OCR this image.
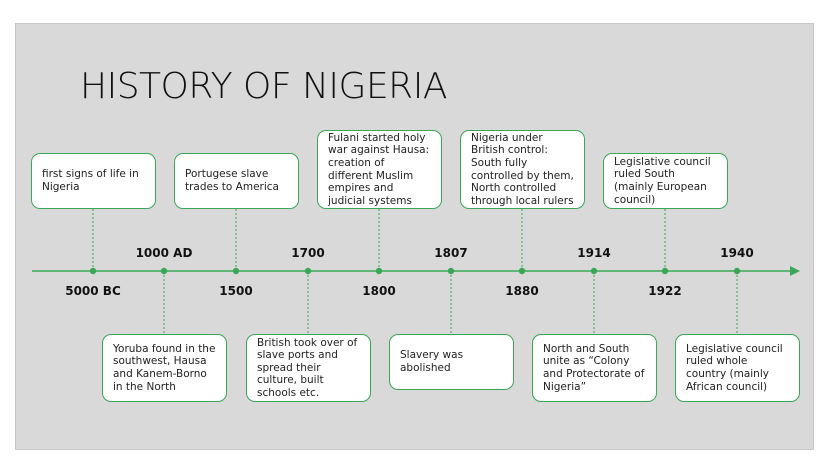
HISTORY OF NIGERIA
5000 BC
1000 AD
1500
1700
1800
1807
1880
1914
1922
1940
first signs of life in Nigeria
Portugese slave trades to America
Fulani started holy war against Hausa: creation of different Muslim empires and judicial systems
Nigeria under British control: South fully controlled by them, North controlled through local rulers
Legislative council ruled South (mainly European council)
Yoruba found in the southwest, Hausa and Kanem-Borno in the North
British took over of slave ports and spread their culture, built schools etc.
Slavery was abolished
North and South unite as “Colony and Protectorate of Nigeria”
Legislative council ruled whole country (mainly African council)
